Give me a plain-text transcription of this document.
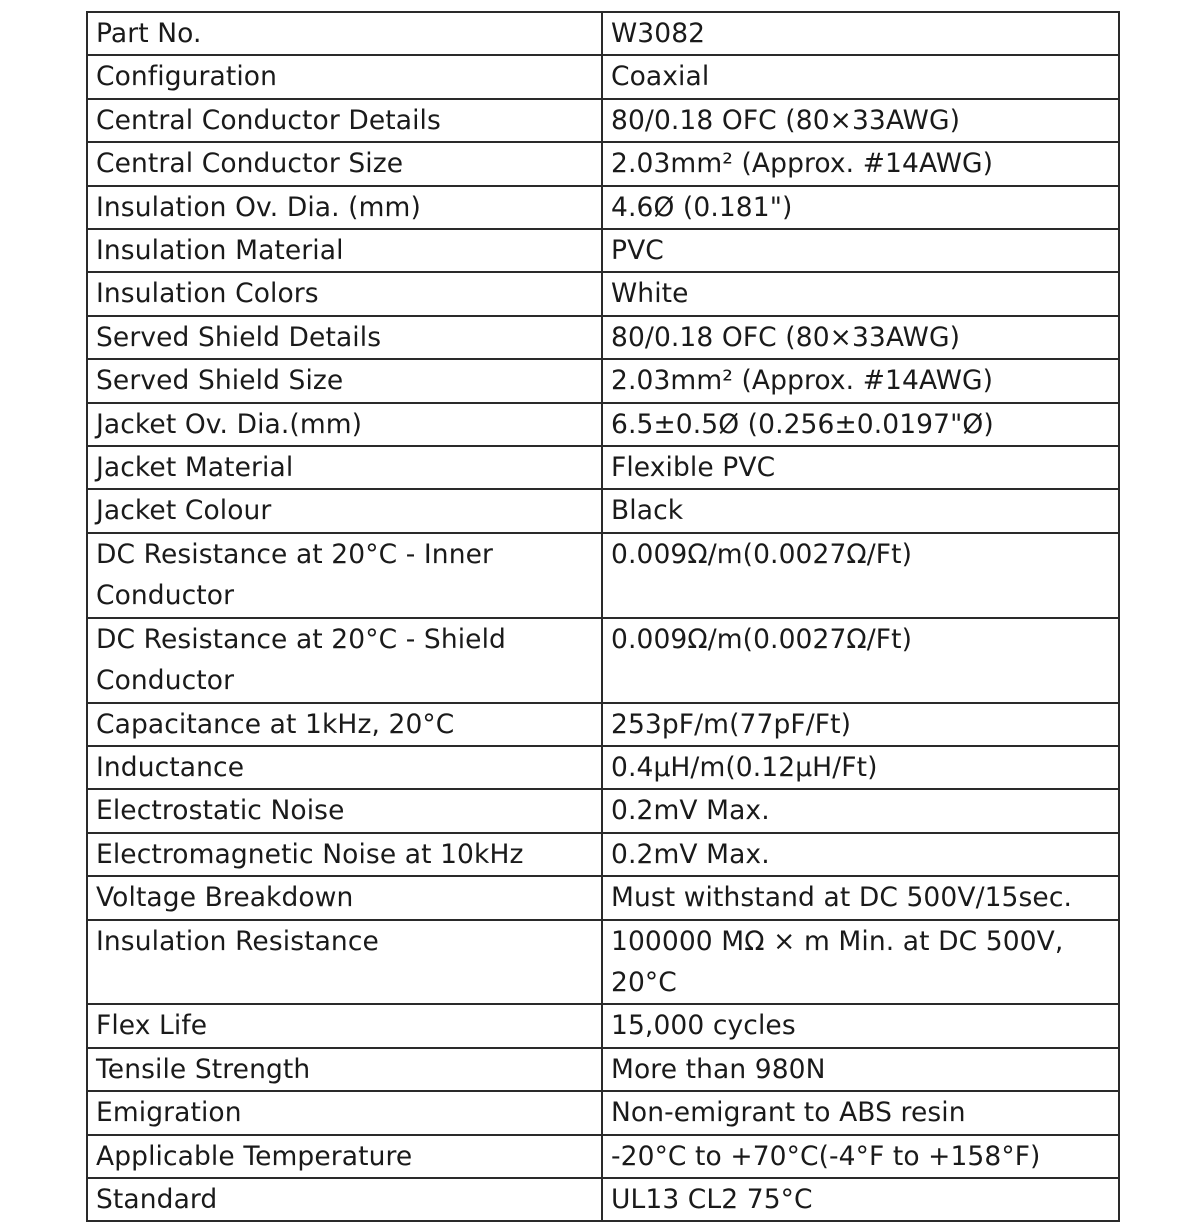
Part No.	W3082
Configuration	Coaxial
Central Conductor Details	80/0.18 OFC (80×33AWG)
Central Conductor Size	2.03mm² (Approx. #14AWG)
Insulation Ov. Dia. (mm)	4.6Ø (0.181")
Insulation Material	PVC
Insulation Colors	White
Served Shield Details	80/0.18 OFC (80×33AWG)
Served Shield Size	2.03mm² (Approx. #14AWG)
Jacket Ov. Dia.(mm)	6.5±0.5Ø (0.256±0.0197"Ø)
Jacket Material	Flexible PVC
Jacket Colour	Black
DC Resistance at 20°C - Inner Conductor	0.009Ω/m(0.0027Ω/Ft)
DC Resistance at 20°C - Shield Conductor	0.009Ω/m(0.0027Ω/Ft)
Capacitance at 1kHz, 20°C	253pF/m(77pF/Ft)
Inductance	0.4µH/m(0.12µH/Ft)
Electrostatic Noise	0.2mV Max.
Electromagnetic Noise at 10kHz	0.2mV Max.
Voltage Breakdown	Must withstand at DC 500V/15sec.
Insulation Resistance	100000 MΩ × m Min. at DC 500V, 20°C
Flex Life	15,000 cycles
Tensile Strength	More than 980N
Emigration	Non-emigrant to ABS resin
Applicable Temperature	-20°C to +70°C(-4°F to +158°F)
Standard	UL13 CL2 75°C
